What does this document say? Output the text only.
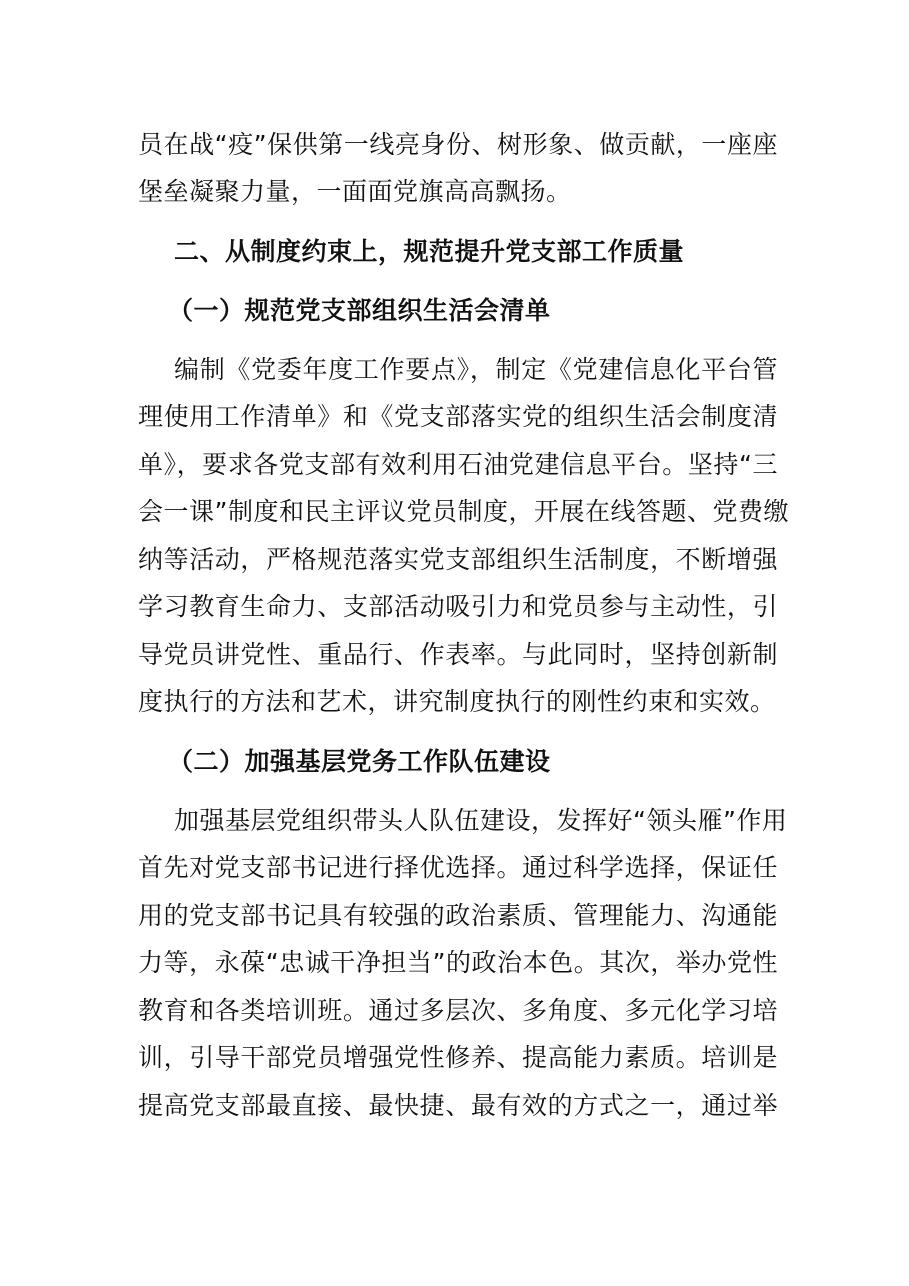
员在战“疫”保供第一线亮身份、树形象、做贡献，一座座
堡垒凝聚力量，一面面党旗高高飘扬。
二、从制度约束上，规范提升党支部工作质量
（一）规范党支部组织生活会清单
编制《党委年度工作要点》，制定《党建信息化平台管
理使用工作清单》和《党支部落实党的组织生活会制度清
单》，要求各党支部有效利用石油党建信息平台。坚持“三
会一课”制度和民主评议党员制度，开展在线答题、党费缴
纳等活动，严格规范落实党支部组织生活制度，不断增强
学习教育生命力、支部活动吸引力和党员参与主动性，引
导党员讲党性、重品行、作表率。与此同时，坚持创新制
度执行的方法和艺术，讲究制度执行的刚性约束和实效。
（二）加强基层党务工作队伍建设
加强基层党组织带头人队伍建设，发挥好“领头雁”作用
首先对党支部书记进行择优选择。通过科学选择，保证任
用的党支部书记具有较强的政治素质、管理能力、沟通能
力等，永葆“忠诚干净担当”的政治本色。其次，举办党性
教育和各类培训班。通过多层次、多角度、多元化学习培
训，引导干部党员增强党性修养、提高能力素质。培训是
提高党支部最直接、最快捷、最有效的方式之一，通过举
